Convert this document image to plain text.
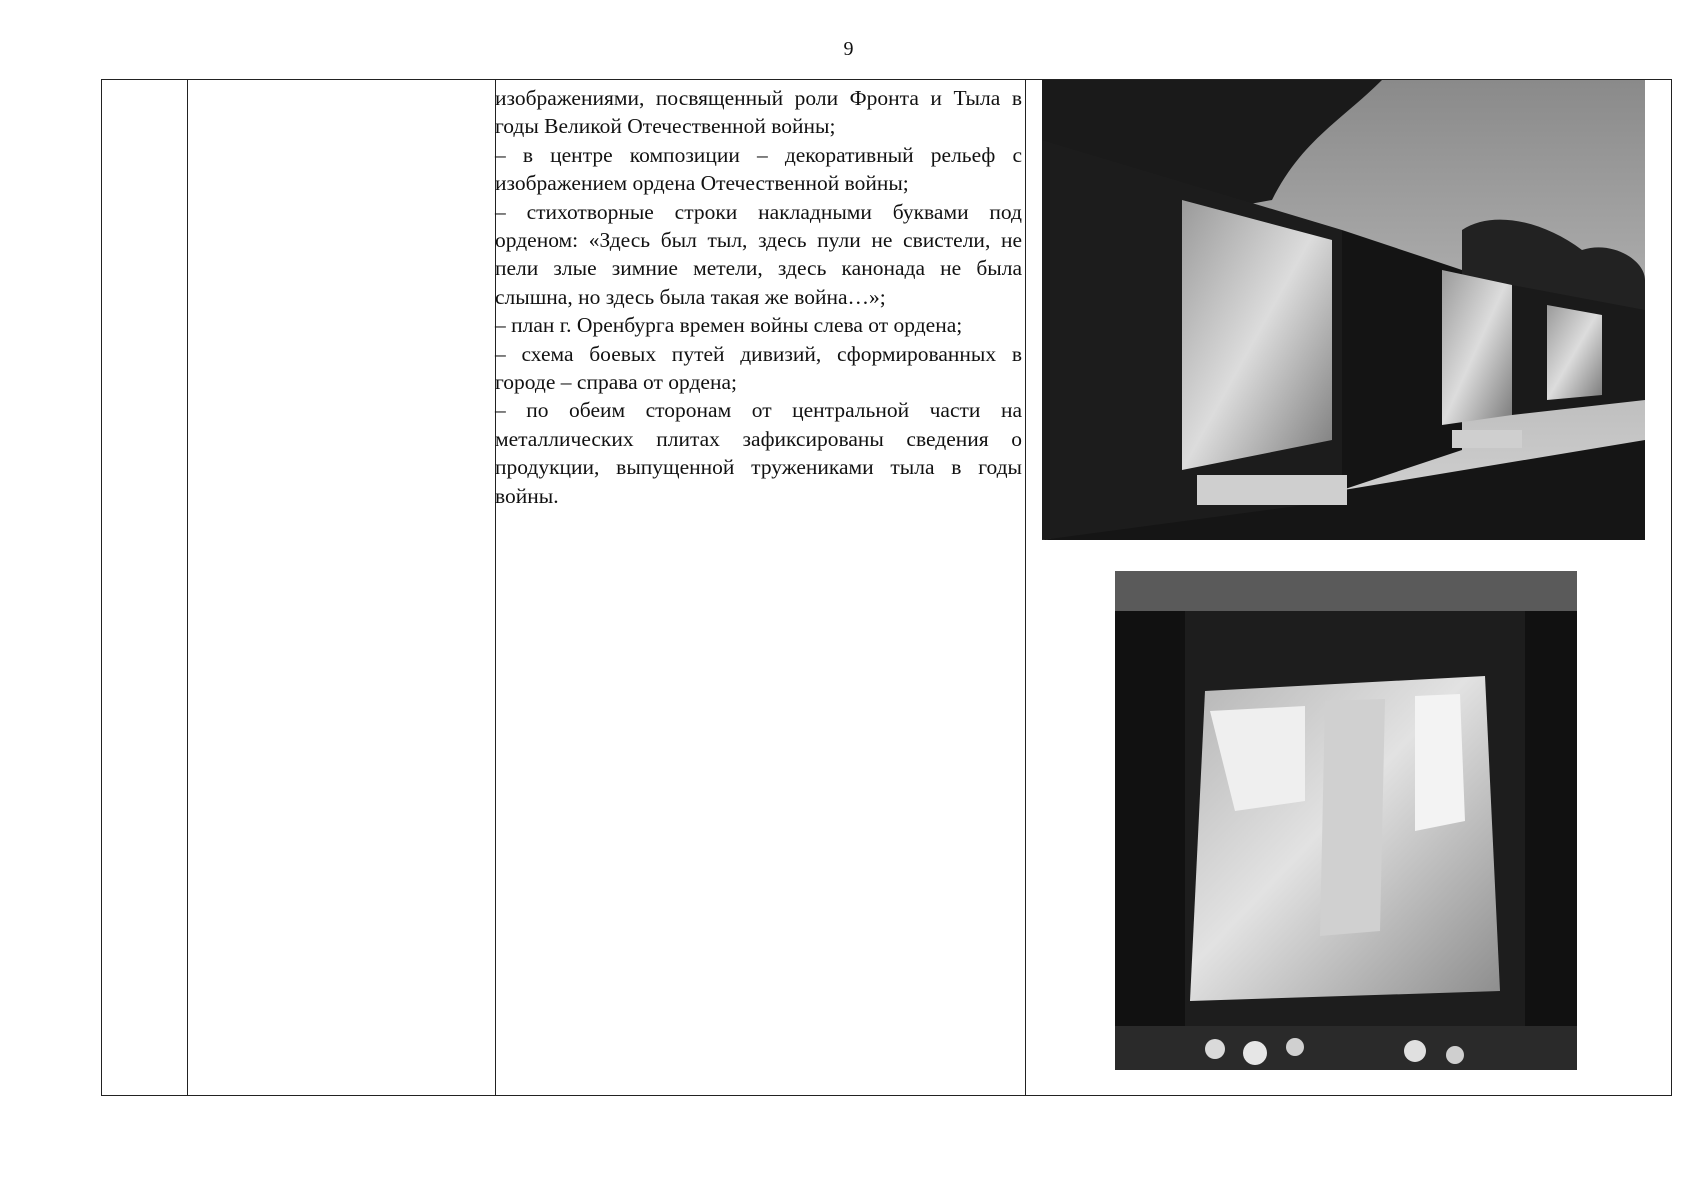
9

изображениями, посвященный роли Фронта и Тыла в годы Великой Отечественной войны;

– в центре композиции – декоративный рельеф с изображением ордена Отечественной войны;

– стихотворные строки накладными буквами под орденом: «Здесь был тыл, здесь пули не свистели, не пели злые зимние метели, здесь канонада не была слышна, но здесь была такая же война…»;

– план г. Оренбурга времен войны слева от ордена;

– схема боевых путей дивизий, сформированных в городе – справа от ордена;

– по обеим сторонам от центральной части на металлических плитах зафиксированы сведения о продукции, выпущенной тружениками тыла в годы войны.
